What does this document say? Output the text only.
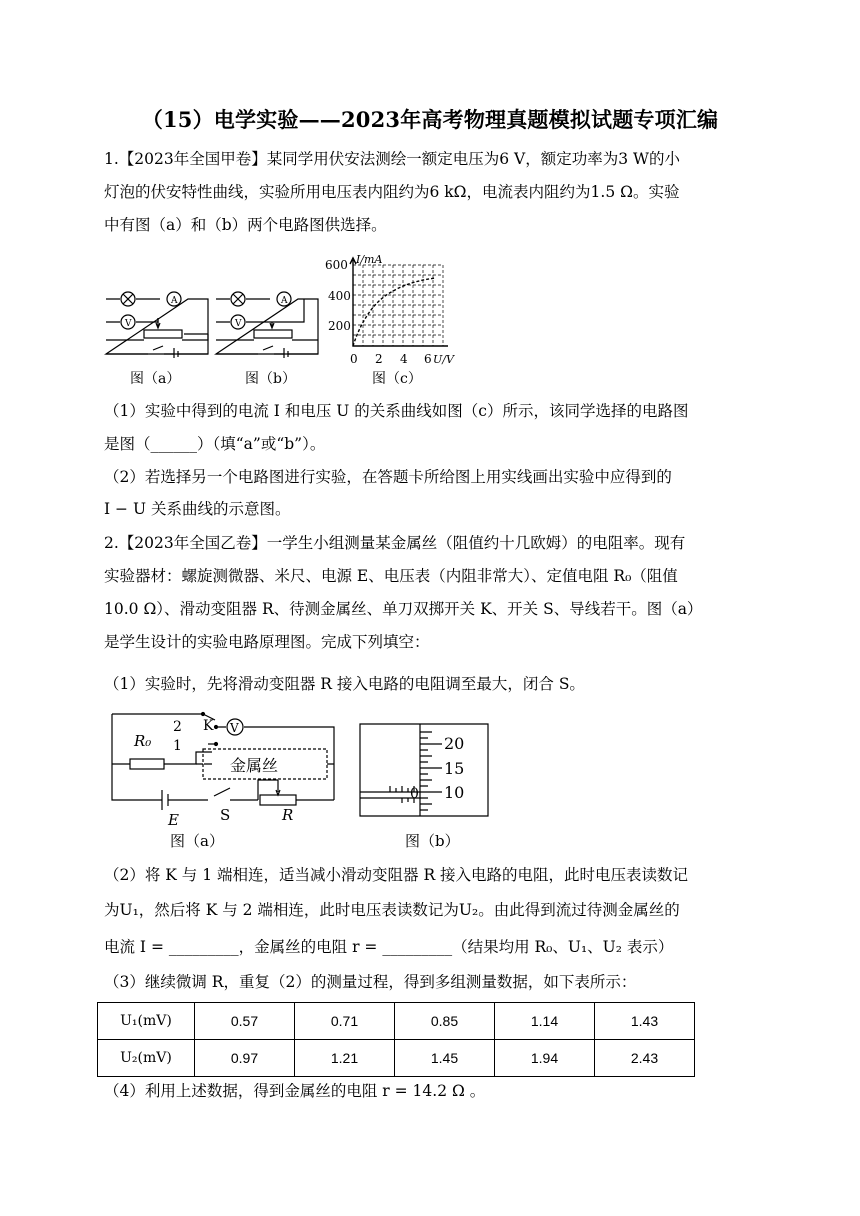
（15）电学实验——2023年高考物理真题模拟试题专项汇编
1.【2023年全国甲卷】某同学用伏安法测绘一额定电压为6 V，额定功率为3 W的小
灯泡的伏安特性曲线，实验所用电压表内阻约为6 kΩ，电流表内阻约为1.5 Ω。实验
中有图（a）和（b）两个电路图供选择。
V
A
图（a）
V
A
图（b）
I/mA
600
400
200
0 2 4 6 U/V
图（c）
（1）实验中得到的电流 I 和电压 U 的关系曲线如图（c）所示，该同学选择的电路图
是图（______）（填“a”或“b”）。
（2）若选择另一个电路图进行实验，在答题卡所给图上用实线画出实验中应得到的
I − U 关系曲线的示意图。
2.【2023年全国乙卷】一学生小组测量某金属丝（阻值约十几欧姆）的电阻率。现有
实验器材：螺旋测微器、米尺、电源 E、电压表（内阻非常大）、定值电阻 R₀（阻值
10.0 Ω）、滑动变阻器 R、待测金属丝、单刀双掷开关 K、开关 S、导线若干。图（a）
是学生设计的实验电路原理图。完成下列填空：
（1）实验时，先将滑动变阻器 R 接入电路的电阻调至最大，闭合 S。
R₀
K
2
1
V
金属丝
E	S	R
图（a）
20
15
10
0
图（b）
（2）将 K 与 1 端相连，适当减小滑动变阻器 R 接入电路的电阻，此时电压表读数记
为U₁，然后将 K 与 2 端相连，此时电压表读数记为U₂。由此得到流过待测金属丝的
电流 I = _________，金属丝的电阻 r = _________（结果均用 R₀、U₁、U₂ 表示）
（3）继续微调 R，重复（2）的测量过程，得到多组测量数据，如下表所示：
U₁(mV)	0.57	0.71	0.85	1.14	1.43
U₂(mV)	0.97	1.21	1.45	1.94	2.43
（4）利用上述数据，得到金属丝的电阻 r = 14.2 Ω 。
